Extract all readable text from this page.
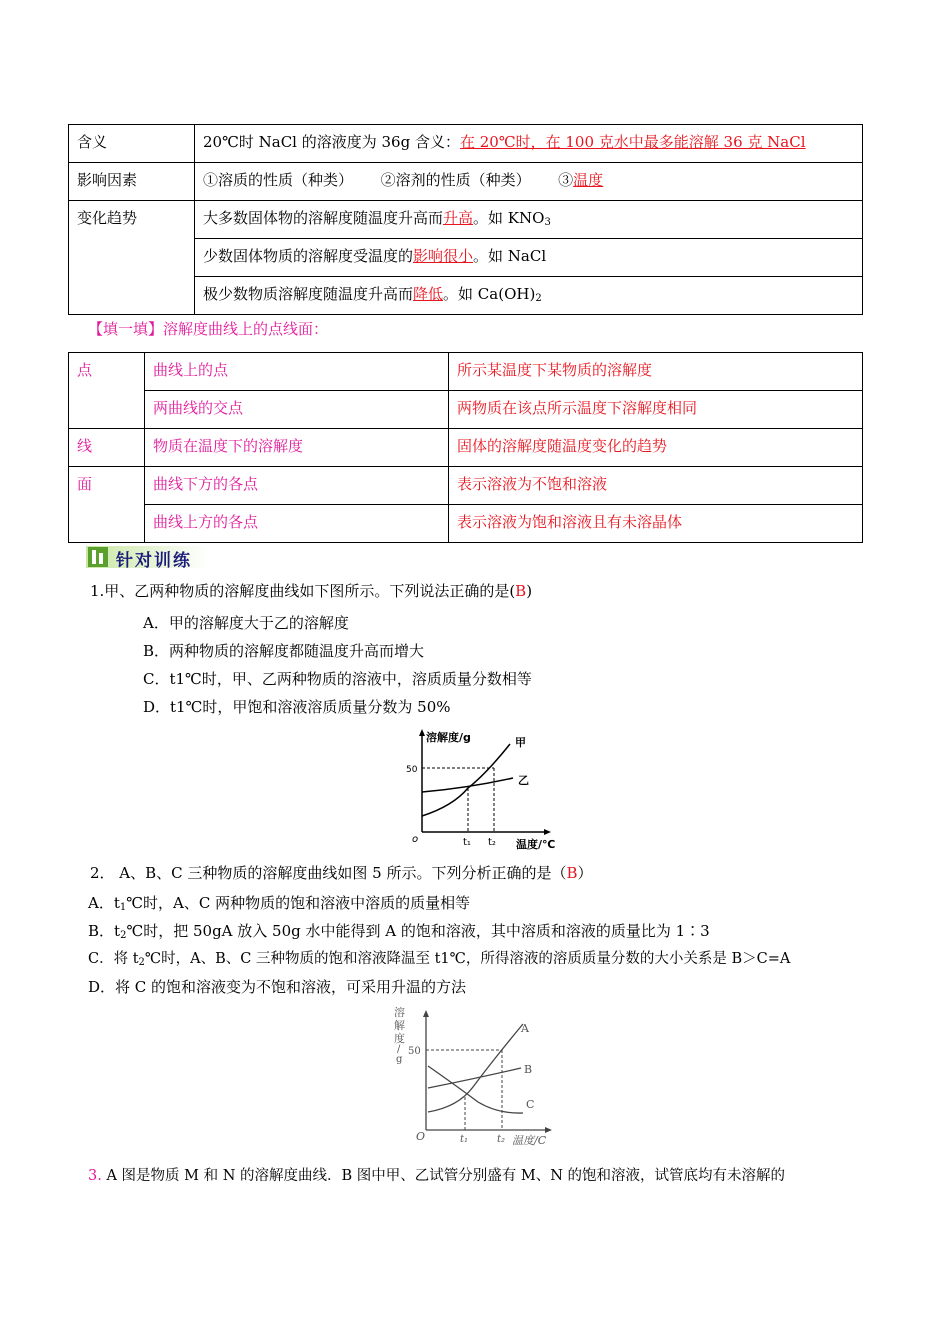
含义	20℃时 NaCl 的溶液度为 36g 含义：在 20℃时，在 100 克水中最多能溶解 36 克 NaCl
影响因素	①溶质的性质（种类） ②溶剂的性质（种类） ③温度
变化趋势	大多数固体物的溶解度随温度升高而升高。如 $KNO_3$
	少数固体物质的溶解度受温度的影响很小。如 NaCl
	极少数物质溶解度随温度升高而降低。如 $Ca(OH)_2$
【填一填】溶解度曲线上的点线面：
点	曲线上的点	所示某温度下某物质的溶解度
	两曲线的交点	两物质在该点所示温度下溶解度相同
线	物质在温度下的溶解度	固体的溶解度随温度变化的趋势
面	曲线下方的各点	表示溶液为不饱和溶液
	曲线上方的各点	表示溶液为饱和溶液且有未溶晶体
针对训练
1.甲、乙两种物质的溶解度曲线如下图所示。下列说法正确的是(B)
A．甲的溶解度大于乙的溶解度
B．两种物质的溶解度都随温度升高而增大
C．t1℃时，甲、乙两种物质的溶液中，溶质质量分数相等
D．t1℃时，甲饱和溶液溶质质量分数为 50%
溶解度/g
温度/℃
50
o	t₁ t₂
甲
乙
2． A、B、C 三种物质的溶解度曲线如图 5 所示。下列分析正确的是（B）
A．$t_1℃$时，A、C 两种物质的饱和溶液中溶质的质量相等
B．$t_2℃$时，把 50gA 放入 50g 水中能得到 A 的饱和溶液，其中溶质和溶液的质量比为 1∶3
C．将 $t_2℃$时，A、B、C 三种物质的饱和溶液降温至 t1℃，所得溶液的溶质质量分数的大小关系是 B＞C=A
D．将 C 的饱和溶液变为不饱和溶液，可采用升温的方法
溶
解
度
/
g
50
O	t₁	t₂ 温度/C
A
B
C
3. A 图是物质 M 和 N 的溶解度曲线．B 图中甲、乙试管分别盛有 M、N 的饱和溶液，试管底均有未溶解的
